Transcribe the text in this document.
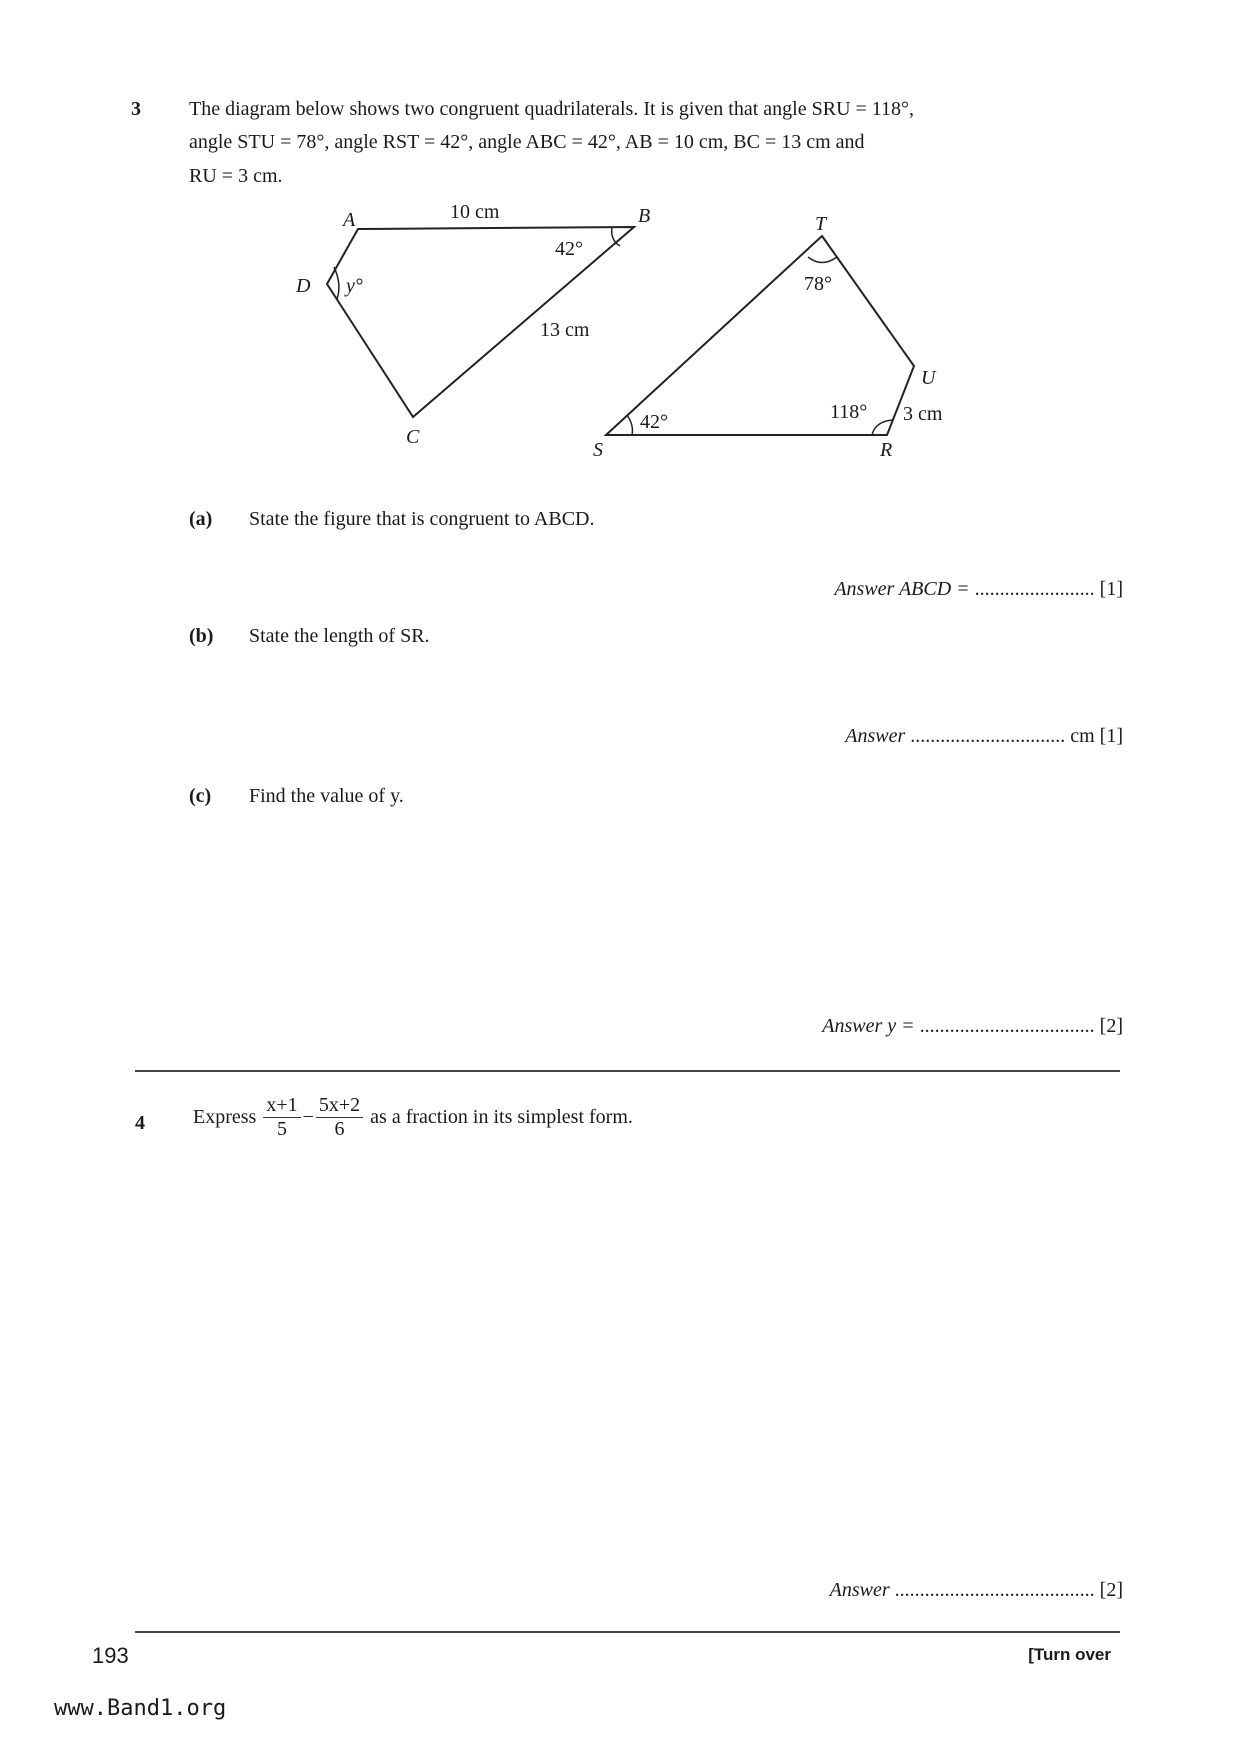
3 The diagram below shows two congruent quadrilaterals. It is given that angle SRU = 118°,
angle STU = 78°, angle RST = 42°, angle ABC = 42°, AB = 10 cm, BC = 13 cm and
RU = 3 cm.
A	B
C
D
T
U
R
S
10 cm
42°
13 cm
y°	78°
118° 3 cm
42°
(a) State the figure that is congruent to ABCD.
Answer ABCD = ........................ [1]
(b) State the length of SR.
Answer ............................... cm [1]
(c) Find the value of y.
Answer y = ................................... [2]
4 Express $\frac{x+1}{5} - \frac{5x+2}{6}$ as a fraction in its simplest form.
Answer ........................................ [2]
193	[Turn over
www.Band1.org
